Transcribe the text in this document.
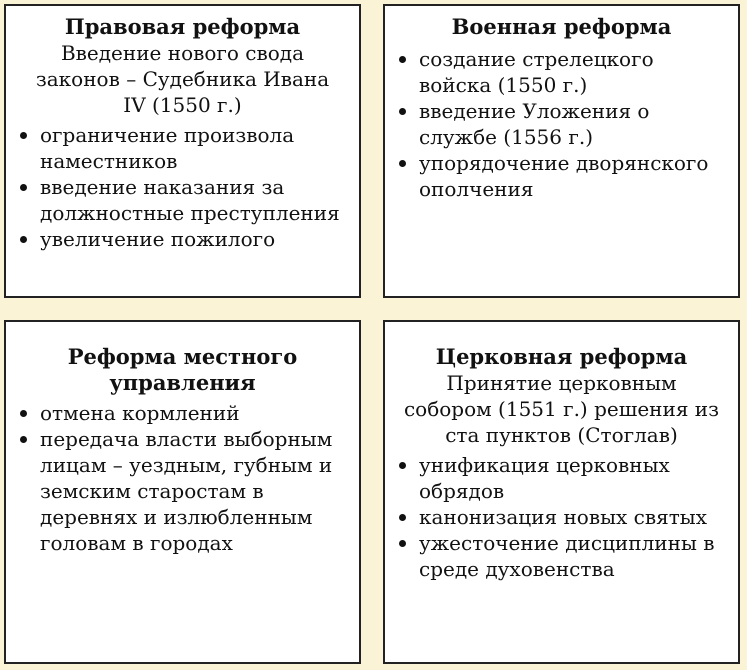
Правовая реформа

Введение нового свода законов – Судебника Ивана IV (1550 г.)

ограничение произвола наместников
введение наказания за должностные преступления
увеличение пожилого

Военная реформа

создание стрелецкого войска (1550 г.)
введение Уложения о службе (1556 г.)
упорядочение дворянского ополчения

Реформа местного управления

отмена кормлений
передача власти выборным лицам – уездным, губным и земским старостам в деревнях и излюбленным головам в городах

Церковная реформа

Принятие церковным собором (1551 г.) решения из ста пунктов (Стоглав)

унификация церковных обрядов
канонизация новых святых
ужесточение дисциплины в среде духовенства
